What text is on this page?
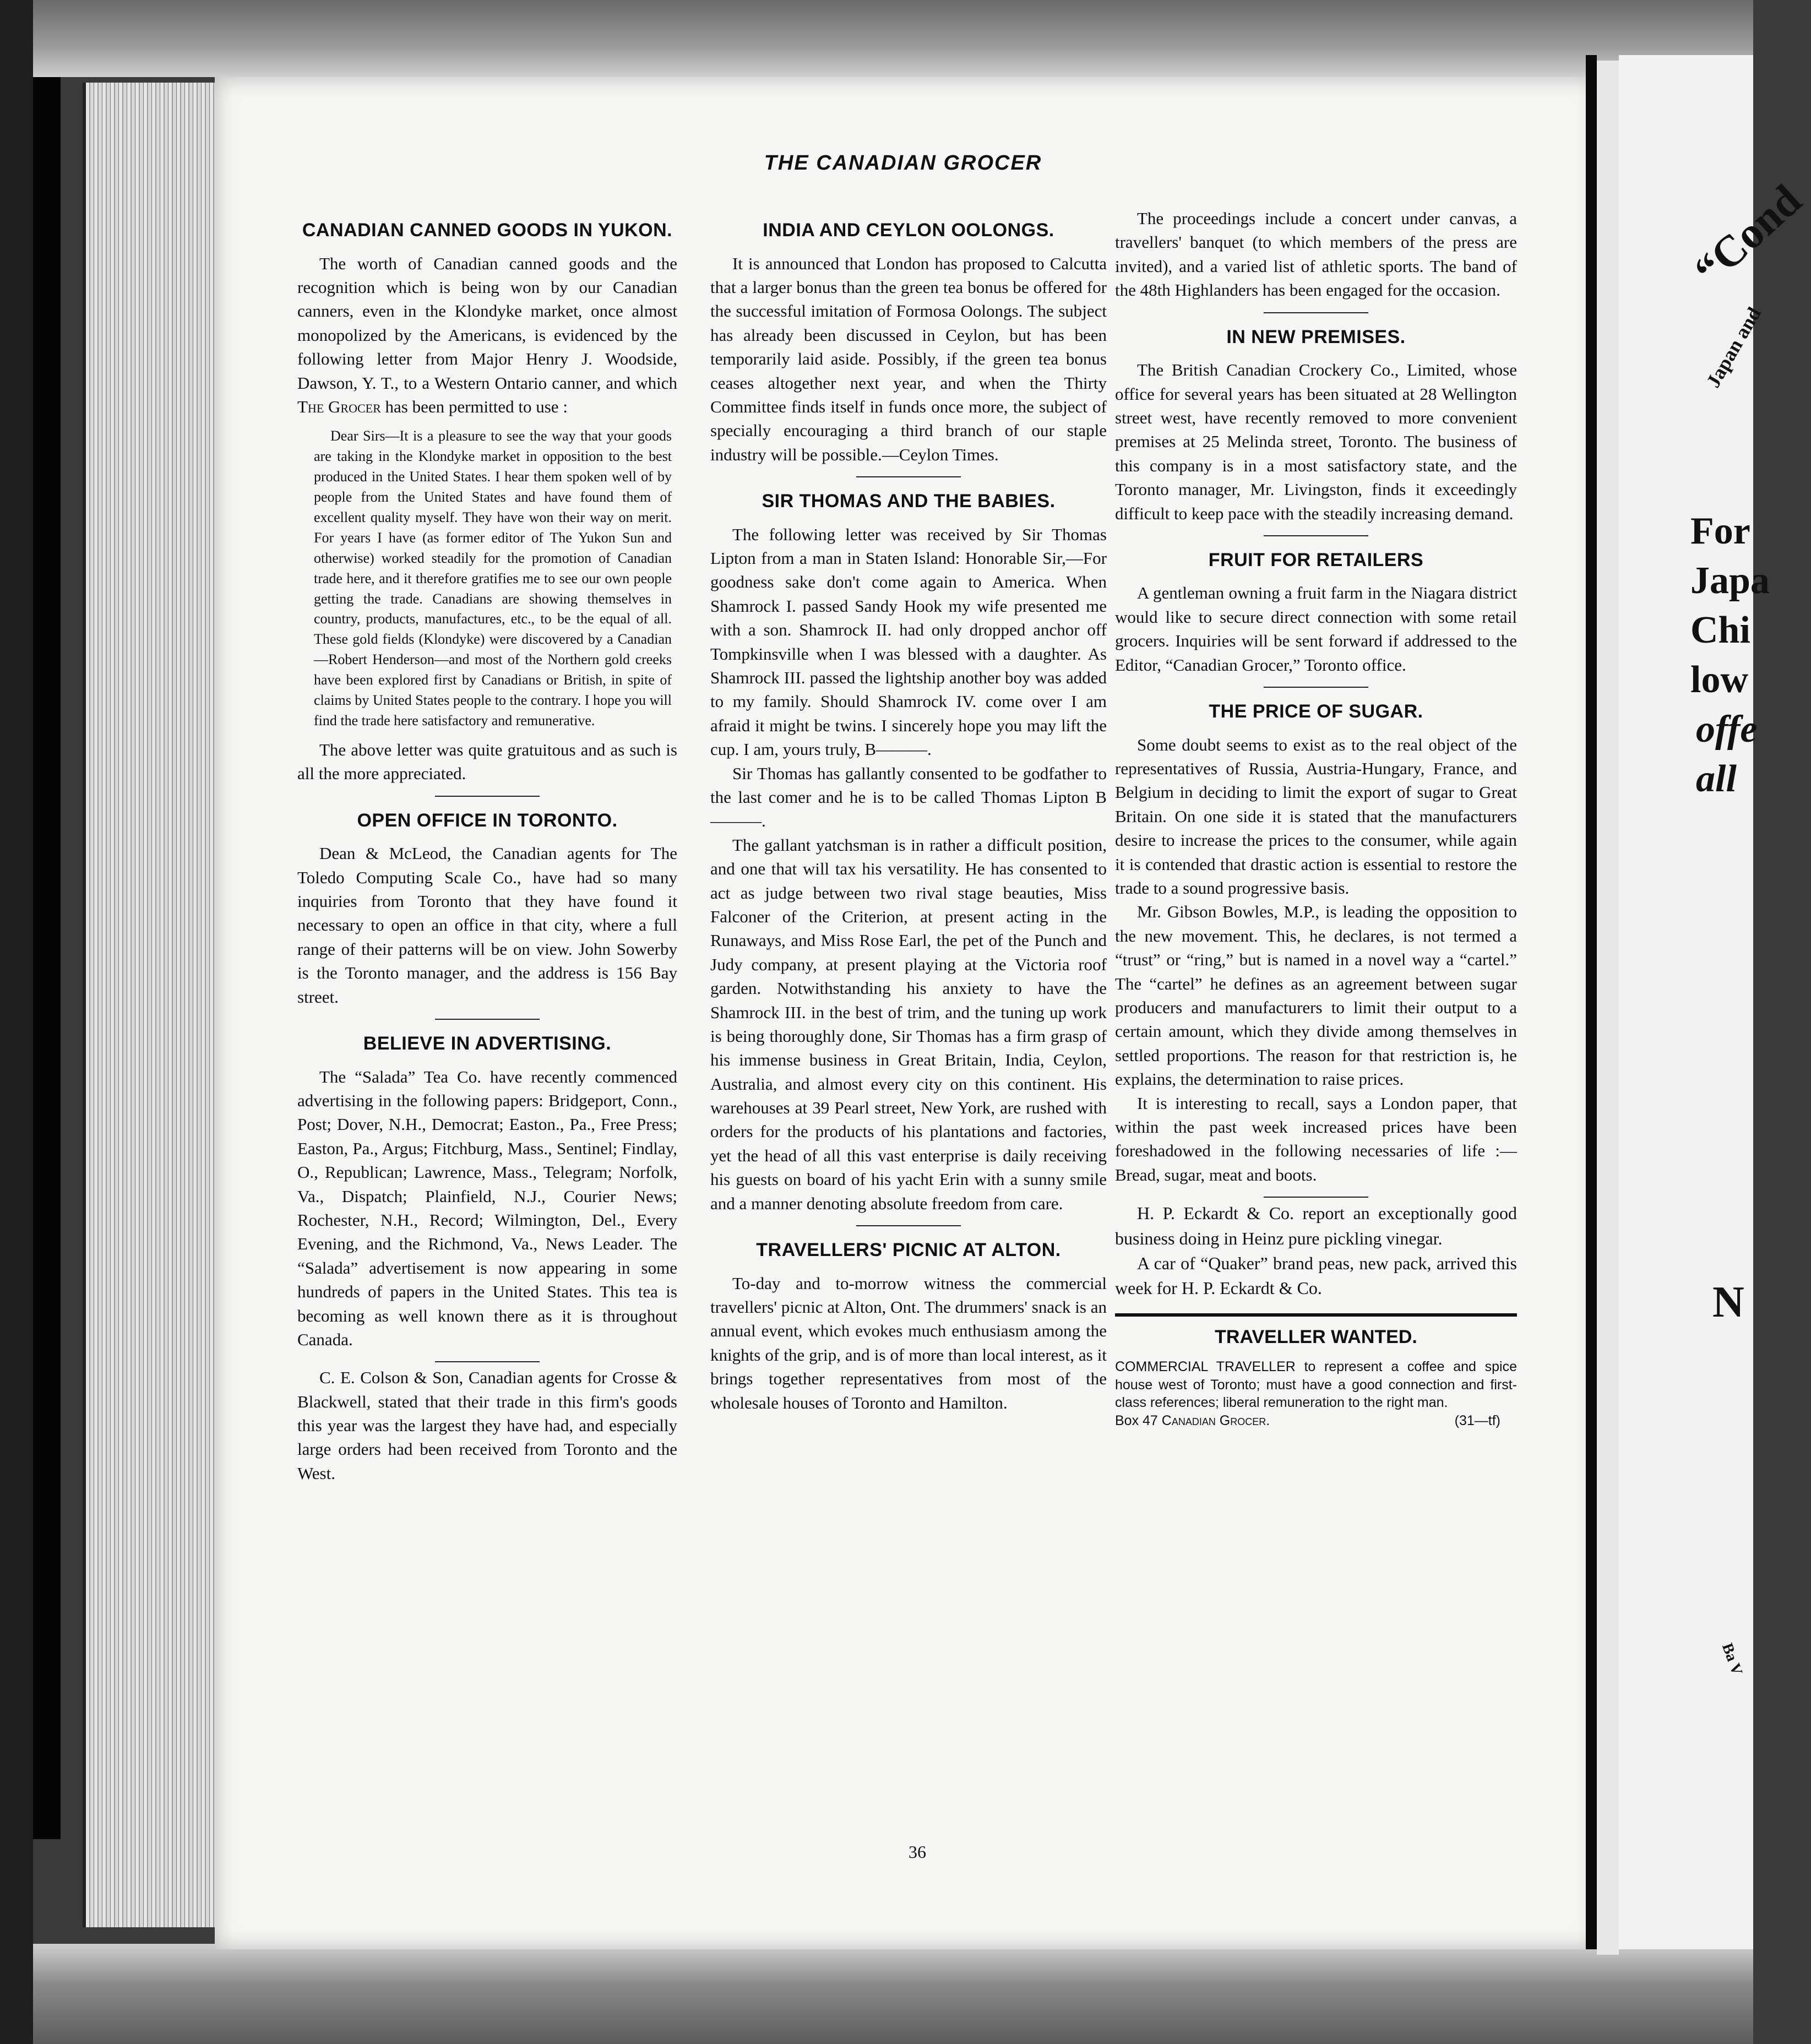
“Cond
Japan and
For
Japa
Chi
low
offe
all
N
Ba V
THE CANADIAN GROCER
CANADIAN CANNED GOODS IN YUKON.

The worth of Canadian canned goods and the recognition which is being won by our Canadian canners, even in the Klondyke market, once almost monopolized by the Americans, is evidenced by the following letter from Major Henry J. Woodside, Dawson, Y. T., to a Western Ontario canner, and which The Grocer has been permitted to use :

Dear Sirs—It is a pleasure to see the way that your goods are taking in the Klondyke market in opposition to the best produced in the United States. I hear them spoken well of by people from the United States and have found them of excellent quality myself. They have won their way on merit. For years I have (as former editor of The Yukon Sun and otherwise) worked steadily for the promotion of Canadian trade here, and it therefore gratifies me to see our own people getting the trade. Canadians are showing themselves in country, products, manufactures, etc., to be the equal of all. These gold fields (Klondyke) were discovered by a Canadian—Robert Henderson—and most of the Northern gold creeks have been explored first by Canadians or British, in spite of claims by United States people to the contrary. I hope you will find the trade here satisfactory and remunerative.

The above letter was quite gratuitous and as such is all the more appreciated.

OPEN OFFICE IN TORONTO.

Dean & McLeod, the Canadian agents for The Toledo Computing Scale Co., have had so many inquiries from Toronto that they have found it necessary to open an office in that city, where a full range of their patterns will be on view. John Sowerby is the Toronto manager, and the address is 156 Bay street.

BELIEVE IN ADVERTISING.

The “Salada” Tea Co. have recently commenced advertising in the following papers: Bridgeport, Conn., Post; Dover, N.H., Democrat; Easton., Pa., Free Press; Easton, Pa., Argus; Fitchburg, Mass., Sentinel; Findlay, O., Republican; Lawrence, Mass., Telegram; Norfolk, Va., Dispatch; Plainfield, N.J., Courier News; Rochester, N.H., Record; Wilmington, Del., Every Evening, and the Richmond, Va., News Leader. The “Salada” advertisement is now appearing in some hundreds of papers in the United States. This tea is becoming as well known there as it is throughout Canada.

C. E. Colson & Son, Canadian agents for Crosse & Blackwell, stated that their trade in this firm's goods this year was the largest they have had, and especially large orders had been received from Toronto and the West.

INDIA AND CEYLON OOLONGS.

It is announced that London has proposed to Calcutta that a larger bonus than the green tea bonus be offered for the successful imitation of Formosa Oolongs. The subject has already been discussed in Ceylon, but has been temporarily laid aside. Possibly, if the green tea bonus ceases altogether next year, and when the Thirty Committee finds itself in funds once more, the subject of specially encouraging a third branch of our staple industry will be possible.—Ceylon Times.

SIR THOMAS AND THE BABIES.

The following letter was received by Sir Thomas Lipton from a man in Staten Island: Honorable Sir,—For goodness sake don't come again to America. When Shamrock I. passed Sandy Hook my wife presented me with a son. Shamrock II. had only dropped anchor off Tompkinsville when I was blessed with a daughter. As Shamrock III. passed the lightship another boy was added to my family. Should Shamrock IV. come over I am afraid it might be twins. I sincerely hope you may lift the cup. I am, yours truly, B———.

Sir Thomas has gallantly consented to be godfather to the last comer and he is to be called Thomas Lipton B———.

The gallant yatchsman is in rather a difficult position, and one that will tax his versatility. He has consented to act as judge between two rival stage beauties, Miss Falconer of the Criterion, at present acting in the Runaways, and Miss Rose Earl, the pet of the Punch and Judy company, at present playing at the Victoria roof garden. Notwithstanding his anxiety to have the Shamrock III. in the best of trim, and the tuning up work is being thoroughly done, Sir Thomas has a firm grasp of his immense business in Great Britain, India, Ceylon, Australia, and almost every city on this continent. His warehouses at 39 Pearl street, New York, are rushed with orders for the products of his plantations and factories, yet the head of all this vast enterprise is daily receiving his guests on board of his yacht Erin with a sunny smile and a manner denoting absolute freedom from care.

TRAVELLERS' PICNIC AT ALTON.

To-day and to-morrow witness the commercial travellers' picnic at Alton, Ont. The drummers' snack is an annual event, which evokes much enthusiasm among the knights of the grip, and is of more than local interest, as it brings together representatives from most of the wholesale houses of Toronto and Hamilton.

The proceedings include a concert under canvas, a travellers' banquet (to which members of the press are invited), and a varied list of athletic sports. The band of the 48th Highlanders has been engaged for the occasion.

IN NEW PREMISES.

The British Canadian Crockery Co., Limited, whose office for several years has been situated at 28 Wellington street west, have recently removed to more convenient premises at 25 Melinda street, Toronto. The business of this company is in a most satisfactory state, and the Toronto manager, Mr. Livingston, finds it exceedingly difficult to keep pace with the steadily increasing demand.

FRUIT FOR RETAILERS

A gentleman owning a fruit farm in the Niagara district would like to secure direct connection with some retail grocers. Inquiries will be sent forward if addressed to the Editor, “Canadian Grocer,” Toronto office.

THE PRICE OF SUGAR.

Some doubt seems to exist as to the real object of the representatives of Russia, Austria-Hungary, France, and Belgium in deciding to limit the export of sugar to Great Britain. On one side it is stated that the manufacturers desire to increase the prices to the consumer, while again it is contended that drastic action is essential to restore the trade to a sound progressive basis.

Mr. Gibson Bowles, M.P., is leading the opposition to the new movement. This, he declares, is not termed a “trust” or “ring,” but is named in a novel way a “cartel.” The “cartel” he defines as an agreement between sugar producers and manufacturers to limit their output to a certain amount, which they divide among themselves in settled proportions. The reason for that restriction is, he explains, the determination to raise prices.

It is interesting to recall, says a London paper, that within the past week increased prices have been foreshadowed in the following necessaries of life :—Bread, sugar, meat and boots.

H. P. Eckardt & Co. report an exceptionally good business doing in Heinz pure pickling vinegar.

A car of “Quaker” brand peas, new pack, arrived this week for H. P. Eckardt & Co.

TRAVELLER WANTED.

COMMERCIAL TRAVELLER to represent a coffee and spice house west of Toronto; must have a good connection and first-class references; liberal remuneration to the right man.

Box 47 Canadian Grocer.	(31—tf)
36
